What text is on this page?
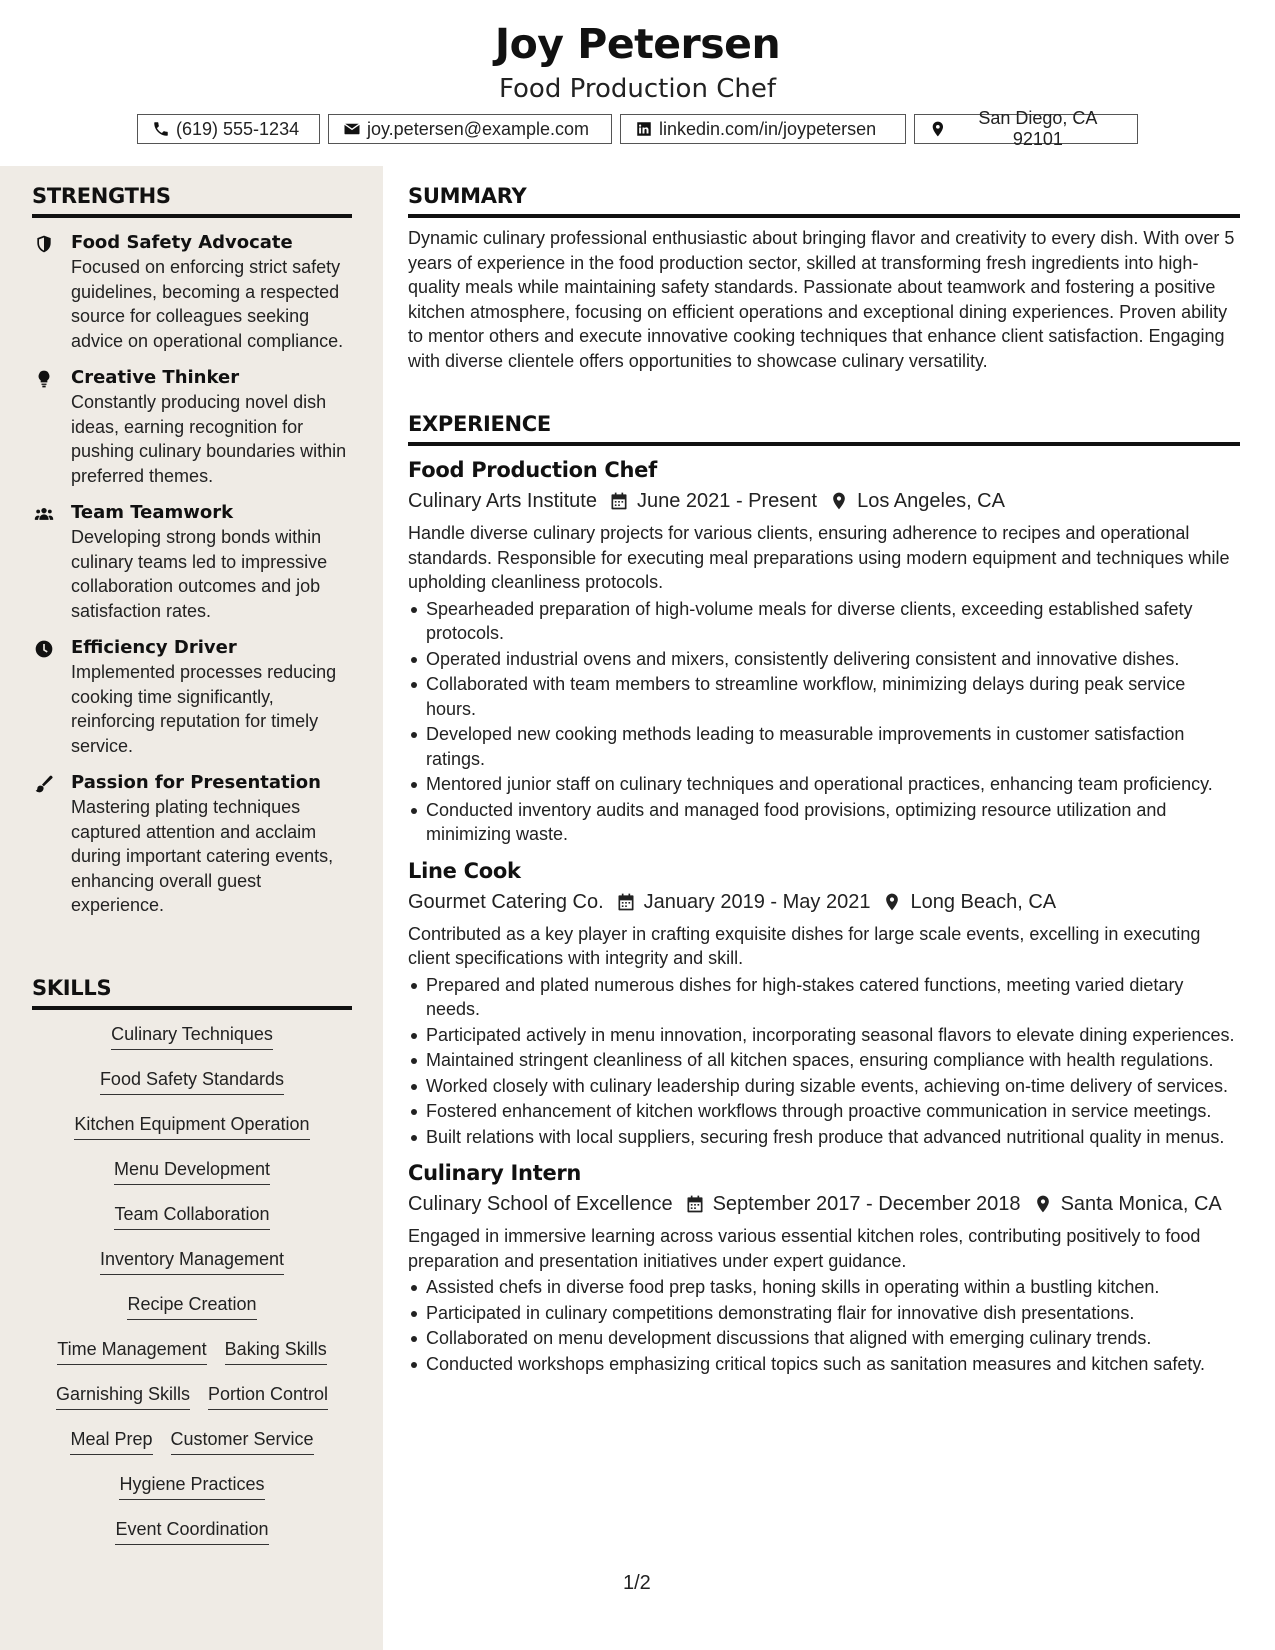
Joy Petersen
Food Production Chef
(619) 555-1234	joy.petersen@example.com	linkedin.com/in/joypetersen
San Diego, CA 92101
STRENGTHS
Food Safety Advocate
Focused on enforcing strict safety guidelines, becoming a respected source for colleagues seeking advice on operational compliance.
Creative Thinker
Constantly producing novel dish ideas, earning recognition for pushing culinary boundaries within preferred themes.
Team Teamwork
Developing strong bonds within culinary teams led to impressive collaboration outcomes and job satisfaction rates.
Efficiency Driver
Implemented processes reducing cooking time significantly, reinforcing reputation for timely service.
Passion for Presentation
Mastering plating techniques captured attention and acclaim during important catering events, enhancing overall guest experience.
SKILLS
Culinary Techniques
Food Safety Standards
Kitchen Equipment Operation
Menu Development
Team Collaboration
Inventory Management
Recipe Creation
Time Management Baking Skills
Garnishing Skills Portion Control
Meal Prep Customer Service
Hygiene Practices
Event Coordination
SUMMARY
Dynamic culinary professional enthusiastic about bringing flavor and creativity to every dish. With over 5 years of experience in the food production sector, skilled at transforming fresh ingredients into high-quality meals while maintaining safety standards. Passionate about teamwork and fostering a positive kitchen atmosphere, focusing on efficient operations and exceptional dining experiences. Proven ability to mentor others and execute innovative cooking techniques that enhance client satisfaction. Engaging with diverse clientele offers opportunities to showcase culinary versatility.
EXPERIENCE
Food Production Chef
Culinary Arts Institute June 2021 - Present Los Angeles, CA
Handle diverse culinary projects for various clients, ensuring adherence to recipes and operational standards. Responsible for executing meal preparations using modern equipment and techniques while upholding cleanliness protocols.
Spearheaded preparation of high-volume meals for diverse clients, exceeding established safety protocols.
Operated industrial ovens and mixers, consistently delivering consistent and innovative dishes.
Collaborated with team members to streamline workflow, minimizing delays during peak service hours.
Developed new cooking methods leading to measurable improvements in customer satisfaction ratings.
Mentored junior staff on culinary techniques and operational practices, enhancing team proficiency.
Conducted inventory audits and managed food provisions, optimizing resource utilization and minimizing waste.
Line Cook
Gourmet Catering Co. January 2019 - May 2021 Long Beach, CA
Contributed as a key player in crafting exquisite dishes for large scale events, excelling in executing client specifications with integrity and skill.
Prepared and plated numerous dishes for high-stakes catered functions, meeting varied dietary needs.
Participated actively in menu innovation, incorporating seasonal flavors to elevate dining experiences.
Maintained stringent cleanliness of all kitchen spaces, ensuring compliance with health regulations.
Worked closely with culinary leadership during sizable events, achieving on-time delivery of services.
Fostered enhancement of kitchen workflows through proactive communication in service meetings.
Built relations with local suppliers, securing fresh produce that advanced nutritional quality in menus.
Culinary Intern
Culinary School of Excellence September 2017 - December 2018 Santa Monica, CA
Engaged in immersive learning across various essential kitchen roles, contributing positively to food preparation and presentation initiatives under expert guidance.
Assisted chefs in diverse food prep tasks, honing skills in operating within a bustling kitchen.
Participated in culinary competitions demonstrating flair for innovative dish presentations.
Collaborated on menu development discussions that aligned with emerging culinary trends.
Conducted workshops emphasizing critical topics such as sanitation measures and kitchen safety.
1/2
